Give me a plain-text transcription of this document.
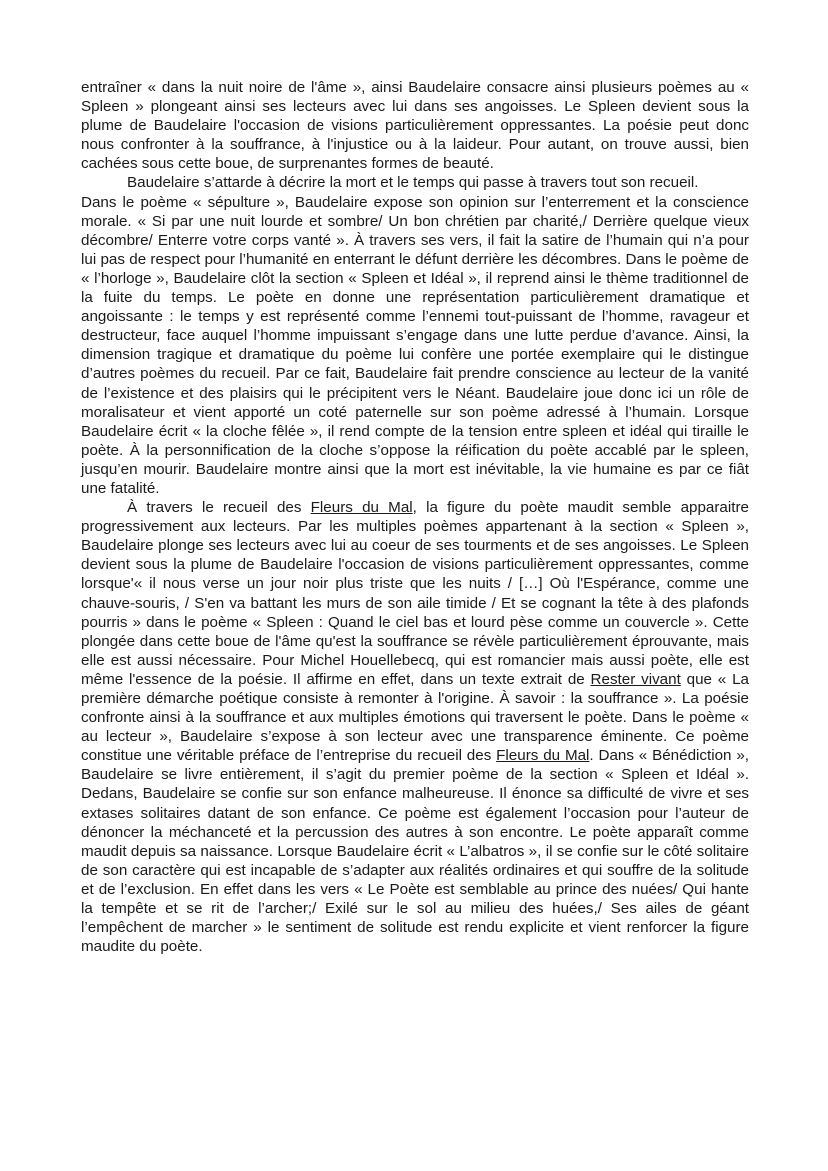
entraîner « dans la nuit noire de l'âme », ainsi Baudelaire consacre ainsi plusieurs poèmes au « Spleen » plongeant ainsi ses lecteurs avec lui dans ses angoisses. Le Spleen devient sous la plume de Baudelaire l'occasion de visions particulièrement oppressantes. La poésie peut donc nous confronter à la souffrance, à l'injustice ou à la laideur. Pour autant, on trouve aussi, bien cachées sous cette boue, de surprenantes formes de beauté.

Baudelaire s’attarde à décrire la mort et le temps qui passe à travers tout son recueil.

Dans le poème « sépulture », Baudelaire expose son opinion sur l’enterrement et la conscience morale. « Si par une nuit lourde et sombre/ Un bon chrétien par charité,/ Derrière quelque vieux décombre/ Enterre votre corps vanté ». À travers ses vers, il fait la satire de l’humain qui n’a pour lui pas de respect pour l’humanité en enterrant le défunt derrière les décombres. Dans le poème de « l’horloge », Baudelaire clôt la section « Spleen et Idéal », il reprend ainsi le thème traditionnel de la fuite du temps. Le poète en donne une représentation particulièrement dramatique et angoissante : le temps y est représenté comme l’ennemi tout-puissant de l’homme, ravageur et destructeur, face auquel l’homme impuissant s’engage dans une lutte perdue d’avance. Ainsi, la dimension tragique et dramatique du poème lui confère une portée exemplaire qui le distingue d’autres poèmes du recueil. Par ce fait, Baudelaire fait prendre conscience au lecteur de la vanité de l’existence et des plaisirs qui le précipitent vers le Néant. Baudelaire joue donc ici un rôle de moralisateur et vient apporté un coté paternelle sur son poème adressé à l’humain. Lorsque Baudelaire écrit « la cloche fêlée », il rend compte de la tension entre spleen et idéal qui tiraille le poète. À la personnification de la cloche s’oppose la réification du poète accablé par le spleen, jusqu’en mourir. Baudelaire montre ainsi que la mort est inévitable, la vie humaine es par ce fiât une fatalité.

À travers le recueil des Fleurs du Mal, la figure du poète maudit semble apparaitre progressivement aux lecteurs. Par les multiples poèmes appartenant à la section « Spleen », Baudelaire plonge ses lecteurs avec lui au coeur de ses tourments et de ses angoisses. Le Spleen devient sous la plume de Baudelaire l'occasion de visions particulièrement oppressantes, comme lorsque'« il nous verse un jour noir plus triste que les nuits / […] Où l'Espérance, comme une chauve-souris, / S'en va battant les murs de son aile timide / Et se cognant la tête à des plafonds pourris » dans le poème « Spleen : Quand le ciel bas et lourd pèse comme un couvercle ». Cette plongée dans cette boue de l'âme qu'est la souffrance se révèle particulièrement éprouvante, mais elle est aussi nécessaire. Pour Michel Houellebecq, qui est romancier mais aussi poète, elle est même l'essence de la poésie. Il affirme en effet, dans un texte extrait de Rester vivant que « La première démarche poétique consiste à remonter à l'origine. À savoir : la souffrance ». La poésie confronte ainsi à la souffrance et aux multiples émotions qui traversent le poète. Dans le poème « au lecteur », Baudelaire s’expose à son lecteur avec une transparence éminente. Ce poème constitue une véritable préface de l’entreprise du recueil des Fleurs du Mal. Dans « Bénédiction », Baudelaire se livre entièrement, il s’agit du premier poème de la section « Spleen et Idéal ». Dedans, Baudelaire se confie sur son enfance malheureuse. Il énonce sa difficulté de vivre et ses extases solitaires datant de son enfance. Ce poème est également l’occasion pour l’auteur de dénoncer la méchanceté et la percussion des autres à son encontre. Le poète apparaît comme maudit depuis sa naissance. Lorsque Baudelaire écrit « L’albatros », il se confie sur le côté solitaire de son caractère qui est incapable de s’adapter aux réalités ordinaires et qui souffre de la solitude et de l’exclusion. En effet dans les vers « Le Poète est semblable au prince des nuées/ Qui hante la tempête et se rit de l’archer;/ Exilé sur le sol au milieu des huées,/ Ses ailes de géant l’empêchent de marcher » le sentiment de solitude est rendu explicite et vient renforcer la figure maudite du poète.
